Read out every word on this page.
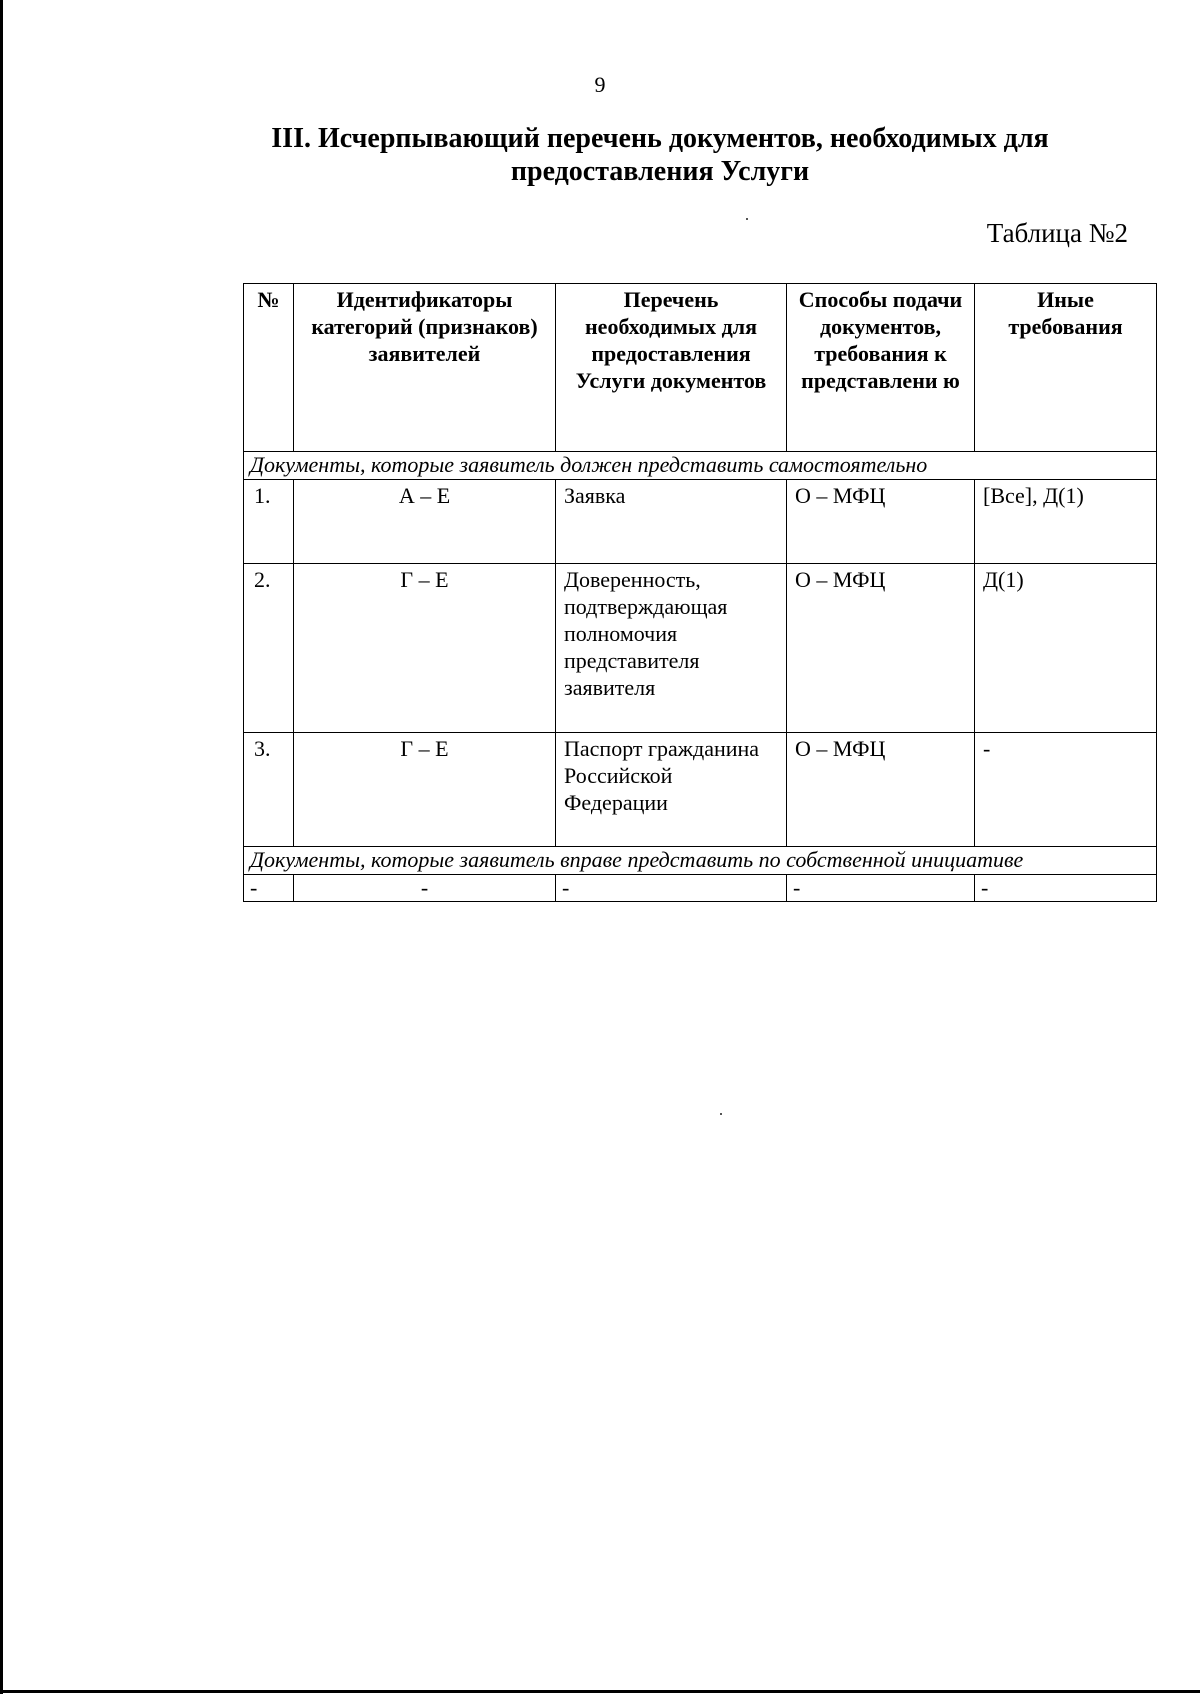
9
III. Исчерпывающий перечень документов, необходимых для предоставления Услуги
Таблица №2
№	Идентификаторы категорий (признаков) заявителей	Перечень необходимых для предоставления Услуги документов	Способы подачи документов, требования к представлени ю	Иные требования
Документы, которые заявитель должен представить самостоятельно				
1.	А – Е	Заявка	О – МФЦ	[Все], Д(1)
2.	Г – Е	Доверенность, подтверждающая полномочия представителя заявителя	О – МФЦ	Д(1)
3.	Г – Е	Паспорт гражданина Российской Федерации	О – МФЦ	-
Документы, которые заявитель вправе представить по собственной инициативе				
-	-	-	-	-
